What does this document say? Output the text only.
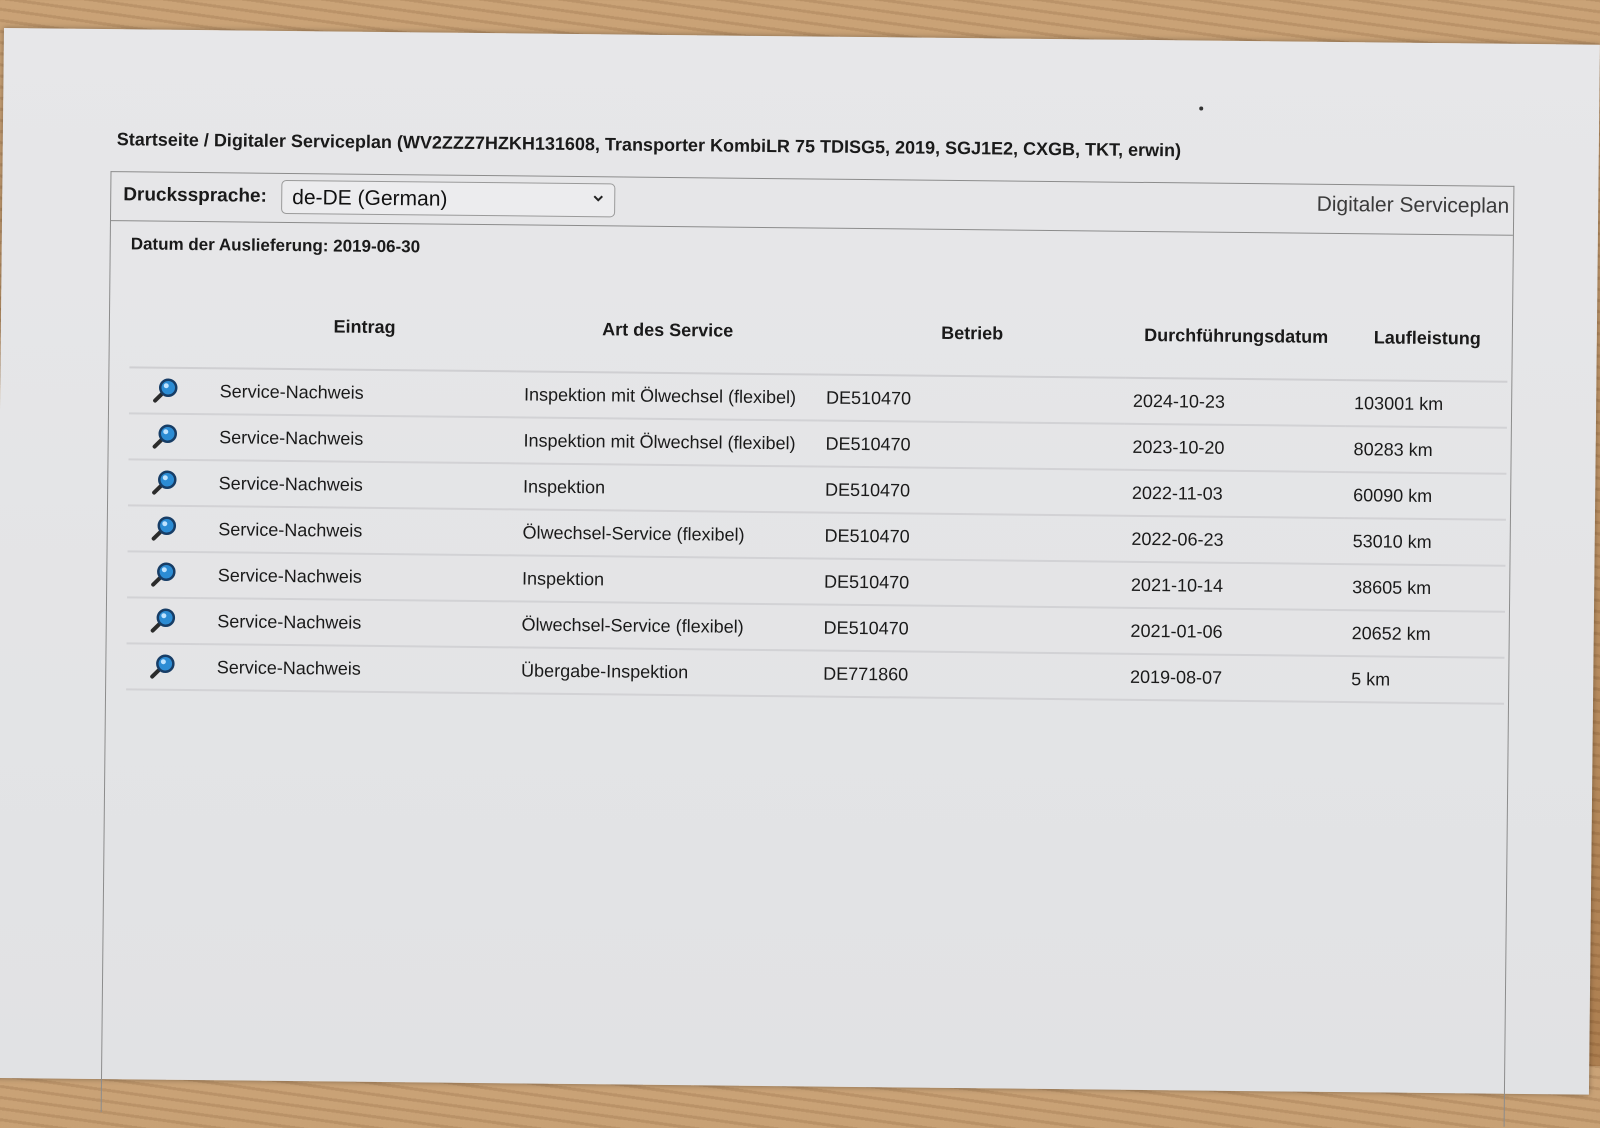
Startseite / Digitaler Serviceplan (WV2ZZZ7HZKH131608, Transporter KombiLR 75 TDISG5, 2019, SGJ1E2, CXGB, TKT, erwin)
Druckssprache: de-DE (German)	Digitaler Serviceplan
Datum der Auslieferung: 2019-06-30
	Eintrag	Art des Service	Betrieb	Durchführungsdatum	Laufleistung
	Service-Nachweis	Inspektion mit Ölwechsel (flexibel)	DE510470	2024-10-23	103001 km
	Service-Nachweis	Inspektion mit Ölwechsel (flexibel)	DE510470	2023-10-20	80283 km
	Service-Nachweis	Inspektion	DE510470	2022-11-03	60090 km
	Service-Nachweis	Ölwechsel-Service (flexibel)	DE510470	2022-06-23	53010 km
	Service-Nachweis	Inspektion	DE510470	2021-10-14	38605 km
	Service-Nachweis	Ölwechsel-Service (flexibel)	DE510470	2021-01-06	20652 km
	Service-Nachweis	Übergabe-Inspektion	DE771860	2019-08-07	5 km
